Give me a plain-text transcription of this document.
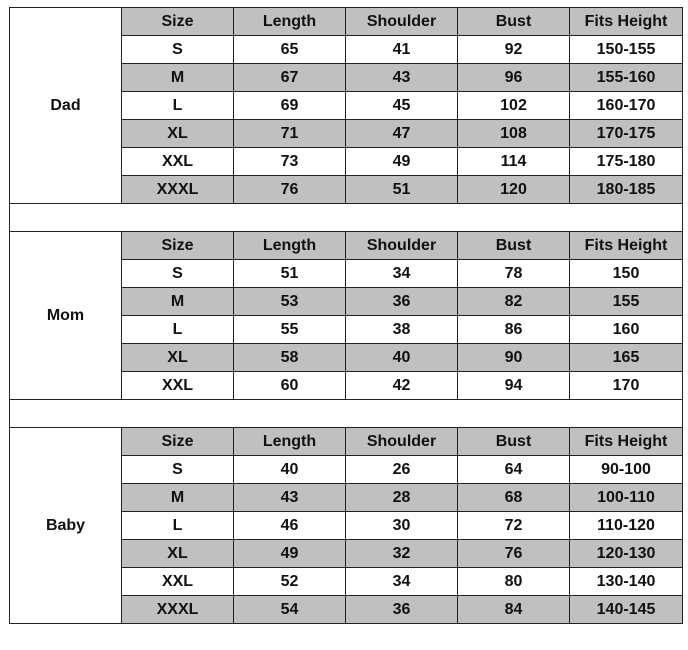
Dad	Size	Length	Shoulder	Bust	Fits Height
	S	65	41	92	150-155
	M	67	43	96	155-160
	L	69	45	102	160-170
	XL	71	47	108	170-175
	XXL	73	49	114	175-180
	XXXL	76	51	120	180-185

Mom	Size	Length	Shoulder	Bust	Fits Height
	S	51	34	78	150
	M	53	36	82	155
	L	55	38	86	160
	XL	58	40	90	165
	XXL	60	42	94	170

Baby	Size	Length	Shoulder	Bust	Fits Height
	S	40	26	64	90-100
	M	43	28	68	100-110
	L	46	30	72	110-120
	XL	49	32	76	120-130
	XXL	52	34	80	130-140
	XXXL	54	36	84	140-145
